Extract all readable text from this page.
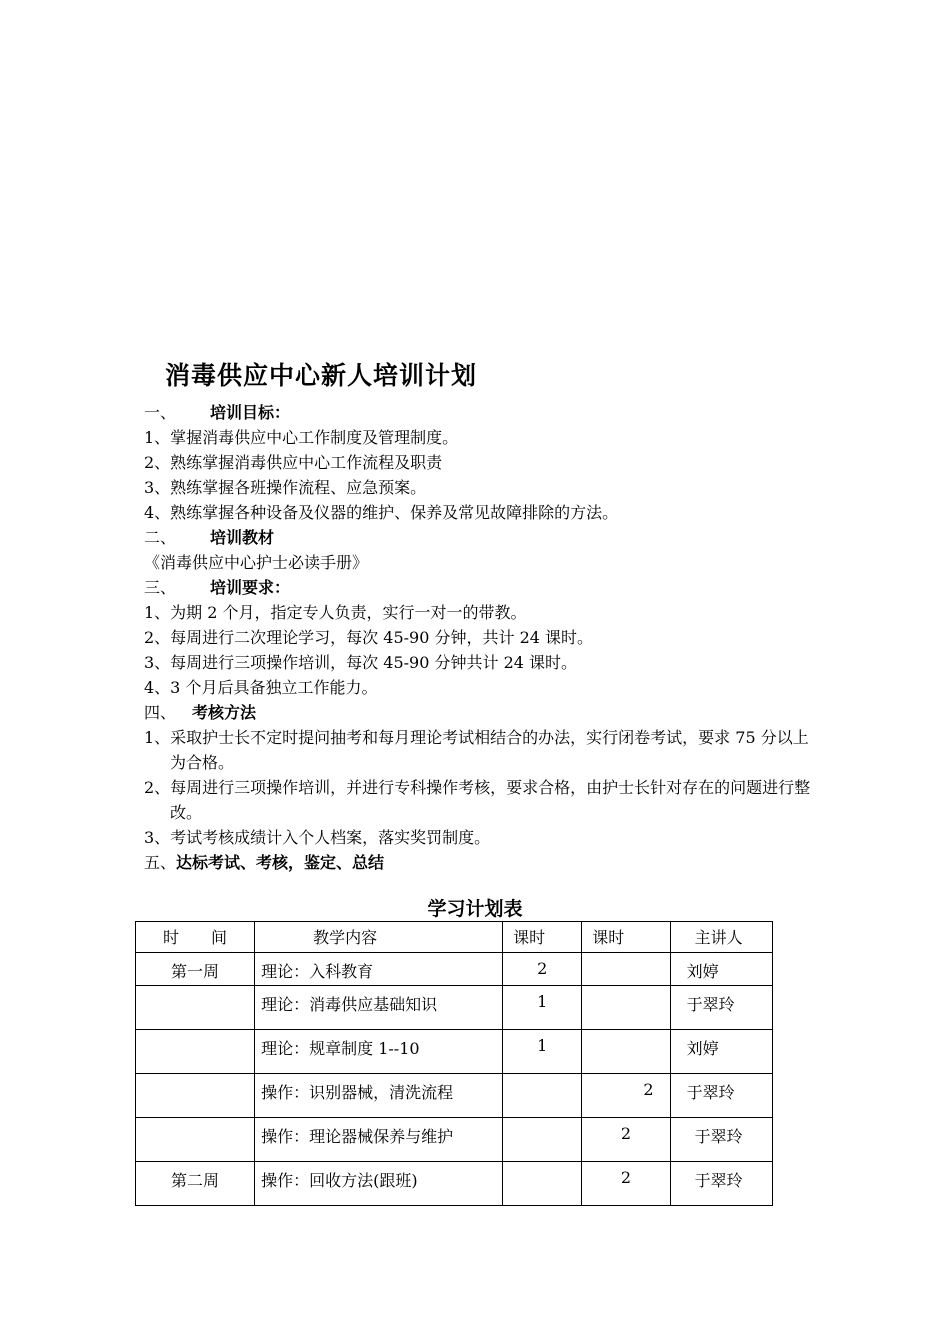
消毒供应中心新人培训计划
一、 培训目标：
1、掌握消毒供应中心工作制度及管理制度。
2、熟练掌握消毒供应中心工作流程及职责
3、熟练掌握各班操作流程、应急预案。
4、熟练掌握各种设备及仪器的维护、保养及常见故障排除的方法。
二、 培训教材
《消毒供应中心护士必读手册》
三、 培训要求：
1、为期 2 个月，指定专人负责，实行一对一的带教。
2、每周进行二次理论学习，每次 45-90 分钟，共计 24 课时。
3、每周进行三项操作培训，每次 45-90 分钟共计 24 课时。
4、3 个月后具备独立工作能力。
四、 考核方法
1、采取护士长不定时提问抽考和每月理论考试相结合的办法，实行闭卷考试，要求 75 分以上为合格。
2、每周进行三项操作培训，并进行专科操作考核，要求合格，由护士长针对存在的问题进行整改。
3、考试考核成绩计入个人档案，落实奖罚制度。
五、达标考试、考核，鉴定、总结
学习计划表
时　　间	教学内容	课时	课时	主讲人
第一周	理论：入科教育	2		刘婷
	理论：消毒供应基础知识	1		于翠玲
	理论：规章制度 1--10	1		刘婷
	操作：识别器械，清洗流程		2	于翠玲
	操作：理论器械保养与维护		2	于翠玲
第二周	操作：回收方法(跟班)		2	于翠玲
